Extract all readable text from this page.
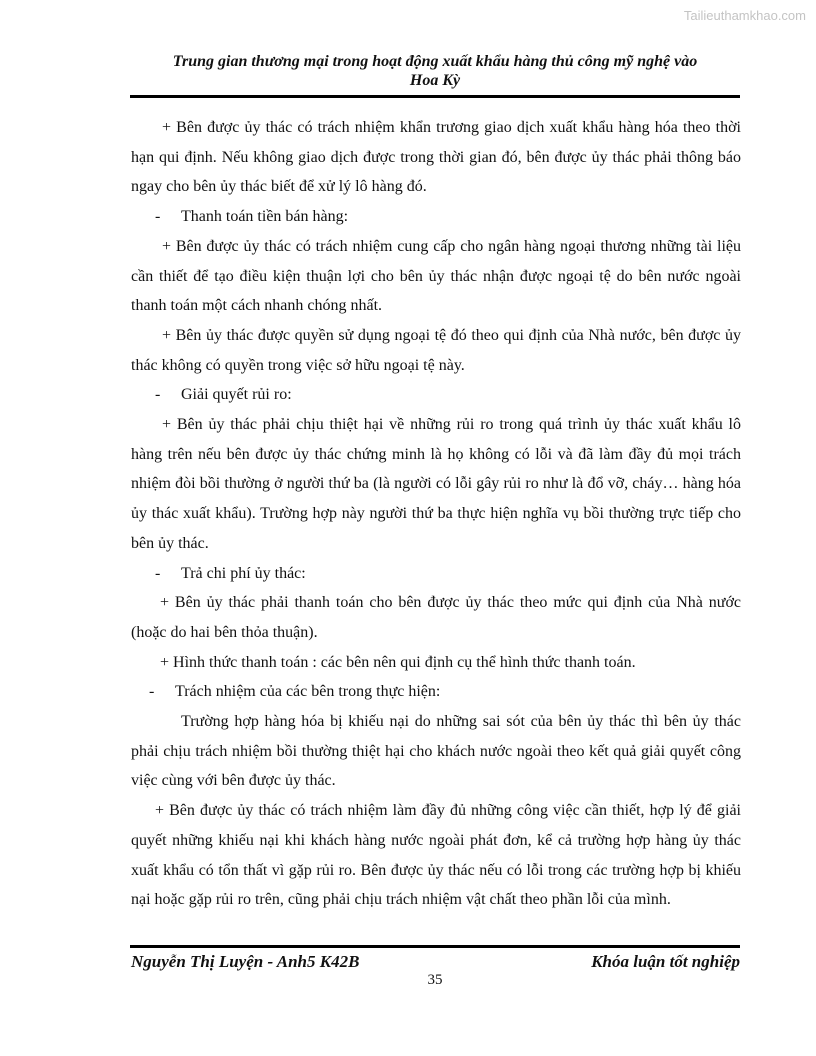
Tailieuthamkhao.com
Trung gian thương mại trong hoạt động xuất khẩu hàng thủ công mỹ nghệ vào
Hoa Kỳ

+ Bên được ủy thác có trách nhiệm khẩn trương giao dịch xuất khẩu hàng hóa theo thời hạn qui định. Nếu không giao dịch được trong thời gian đó, bên được ủy thác phải thông báo ngay cho bên ủy thác biết để xử lý lô hàng đó.

- Thanh toán tiền bán hàng:

+ Bên được ủy thác có trách nhiệm cung cấp cho ngân hàng ngoại thương những tài liệu cần thiết để tạo điều kiện thuận lợi cho bên ủy thác nhận được ngoại tệ do bên nước ngoài thanh toán một cách nhanh chóng nhất.

+ Bên ủy thác được quyền sử dụng ngoại tệ đó theo qui định của Nhà nước, bên được ủy thác không có quyền trong việc sở hữu ngoại tệ này.

- Giải quyết rủi ro:

+ Bên ủy thác phải chịu thiệt hại về những rủi ro trong quá trình ủy thác xuất khẩu lô hàng trên nếu bên được ủy thác chứng minh là họ không có lỗi và đã làm đầy đủ mọi trách nhiệm đòi bồi thường ở người thứ ba (là người có lỗi gây rủi ro như là đổ vỡ, cháy… hàng hóa ủy thác xuất khẩu). Trường hợp này người thứ ba thực hiện nghĩa vụ bồi thường trực tiếp cho bên ủy thác.

- Trả chi phí ủy thác:

+ Bên ủy thác phải thanh toán cho bên được ủy thác theo mức qui định của Nhà nước (hoặc do hai bên thỏa thuận).

+ Hình thức thanh toán : các bên nên qui định cụ thể hình thức thanh toán.

- Trách nhiệm của các bên trong thực hiện:

Trường hợp hàng hóa bị khiếu nại do những sai sót của bên ủy thác thì bên ủy thác phải chịu trách nhiệm bồi thường thiệt hại cho khách nước ngoài theo kết quả giải quyết công việc cùng với bên được ủy thác.

+ Bên được ủy thác có trách nhiệm làm đầy đủ những công việc cần thiết, hợp lý để giải quyết những khiếu nại khi khách hàng nước ngoài phát đơn, kể cả trường hợp hàng ủy thác xuất khẩu có tổn thất vì gặp rủi ro. Bên được ủy thác nếu có lỗi trong các trường hợp bị khiếu nại hoặc gặp rủi ro trên, cũng phải chịu trách nhiệm vật chất theo phần lỗi của mình.

Nguyễn Thị Luyện - Anh5 K42B	Khóa luận tốt nghiệp
35
